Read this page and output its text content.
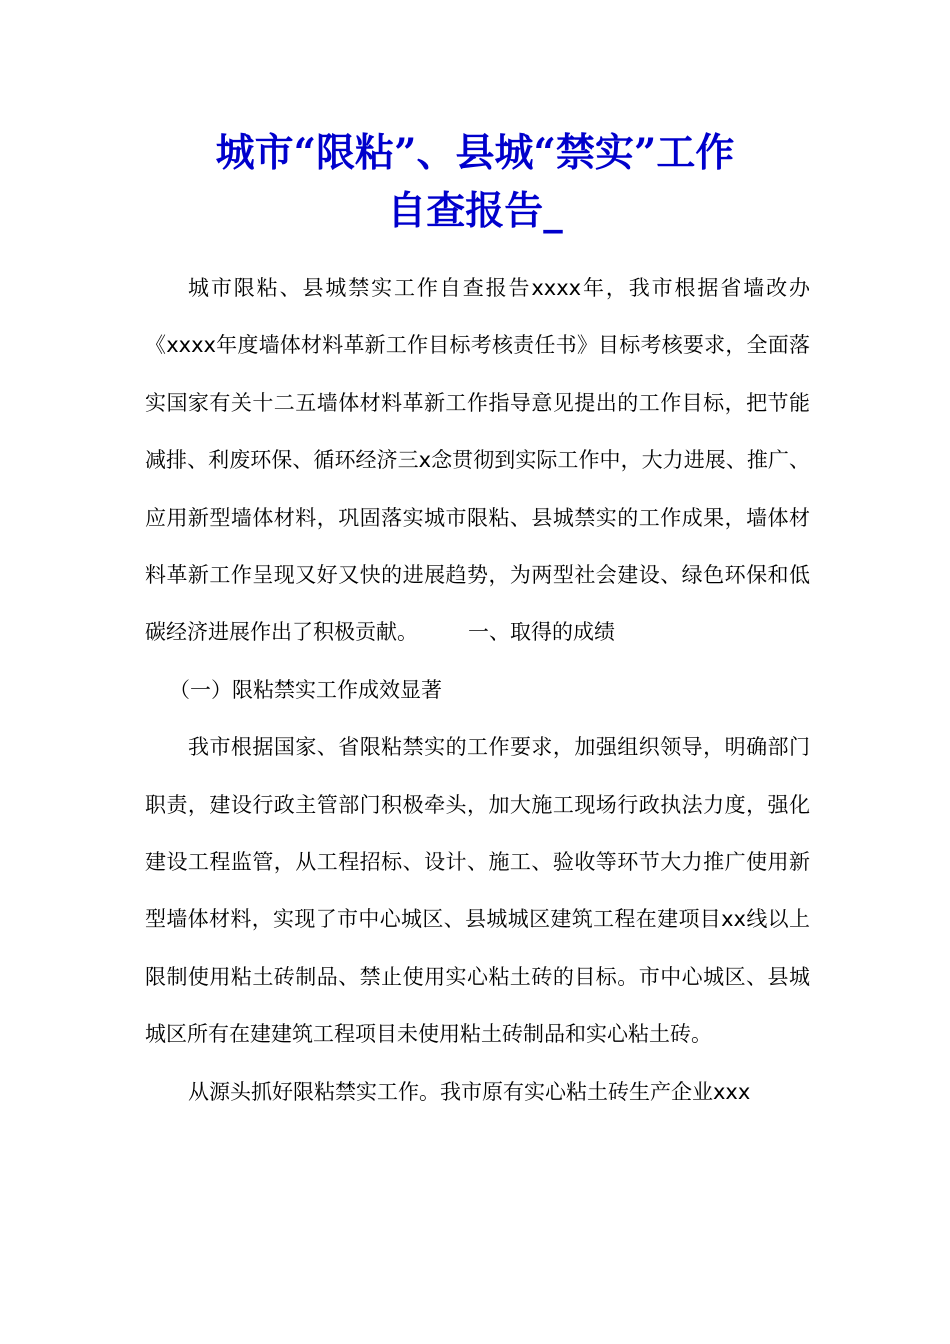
城市“限粘”、县城“禁实”工作
自查报告_

城市限粘、县城禁实工作自查报告xxxx年，我市根据省墙改办《xxxx年度墙体材料革新工作目标考核责任书》目标考核要求，全面落实国家有关十二五墙体材料革新工作指导意见提出的工作目标，把节能减排、利废环保、循环经济三x念贯彻到实际工作中，大力进展、推广、应用新型墙体材料，巩固落实城市限粘、县城禁实的工作成果，墙体材料革新工作呈现又好又快的进展趋势，为两型社会建设、绿色环保和低碳经济进展作出了积极贡献。 一、取得的成绩

（一）限粘禁实工作成效显著

我市根据国家、省限粘禁实的工作要求，加强组织领导，明确部门职责，建设行政主管部门积极牵头，加大施工现场行政执法力度，强化建设工程监管，从工程招标、设计、施工、验收等环节大力推广使用新型墙体材料，实现了市中心城区、县城城区建筑工程在建项目xx线以上限制使用粘土砖制品、禁止使用实心粘土砖的目标。市中心城区、县城城区所有在建建筑工程项目未使用粘土砖制品和实心粘土砖。

从源头抓好限粘禁实工作。我市原有实心粘土砖生产企业xxx
